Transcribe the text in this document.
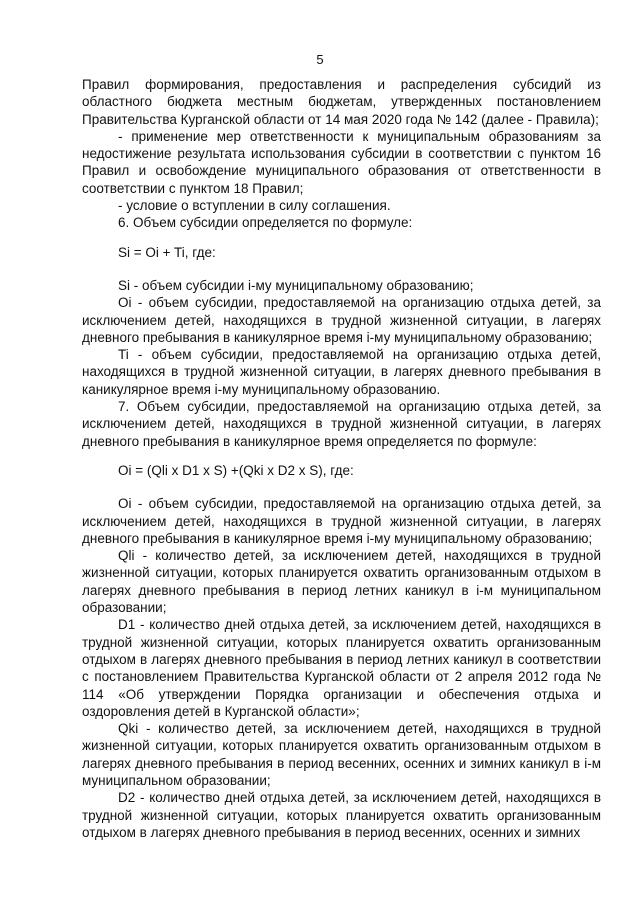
5

Правил формирования, предоставления и распределения субсидий из областного бюджета местным бюджетам, утвержденных постановлением Правительства Курганской области от 14 мая 2020 года № 142 (далее - Правила);

- применение мер ответственности к муниципальным образованиям за недостижение результата использования субсидии в соответствии с пунктом 16 Правил и освобождение муниципального образования от ответственности в соответствии с пунктом 18 Правил;

- условие о вступлении в силу соглашения.

6. Объем субсидии определяется по формуле:

Si = Oi + Ti, где:

Si - объем субсидии i-му муниципальному образованию;

Oi - объем субсидии, предоставляемой на организацию отдыха детей, за исключением детей, находящихся в трудной жизненной ситуации, в лагерях дневного пребывания в каникулярное время i-му муниципальному образованию;

Ti - объем субсидии, предоставляемой на организацию отдыха детей, находящихся в трудной жизненной ситуации, в лагерях дневного пребывания в каникулярное время i-му муниципальному образованию.

7. Объем субсидии, предоставляемой на организацию отдыха детей, за исключением детей, находящихся в трудной жизненной ситуации, в лагерях дневного пребывания в каникулярное время определяется по формуле:

Oi = (Qli x D1 x S) +(Qki x D2 x S), где:

Oi - объем субсидии, предоставляемой на организацию отдыха детей, за исключением детей, находящихся в трудной жизненной ситуации, в лагерях дневного пребывания в каникулярное время i-му муниципальному образованию;

Qli - количество детей, за исключением детей, находящихся в трудной жизненной ситуации, которых планируется охватить организованным отдыхом в лагерях дневного пребывания в период летних каникул в i-м муниципальном образовании;

D1 - количество дней отдыха детей, за исключением детей, находящихся в трудной жизненной ситуации, которых планируется охватить организованным отдыхом в лагерях дневного пребывания в период летних каникул в соответствии с постановлением Правительства Курганской области от 2 апреля 2012 года № 114 «Об утверждении Порядка организации и обеспечения отдыха и оздоровления детей в Курганской области»;

Qki - количество детей, за исключением детей, находящихся в трудной жизненной ситуации, которых планируется охватить организованным отдыхом в лагерях дневного пребывания в период весенних, осенних и зимних каникул в i-м муниципальном образовании;

D2 - количество дней отдыха детей, за исключением детей, находящихся в трудной жизненной ситуации, которых планируется охватить организованным отдыхом в лагерях дневного пребывания в период весенних, осенних и зимних
